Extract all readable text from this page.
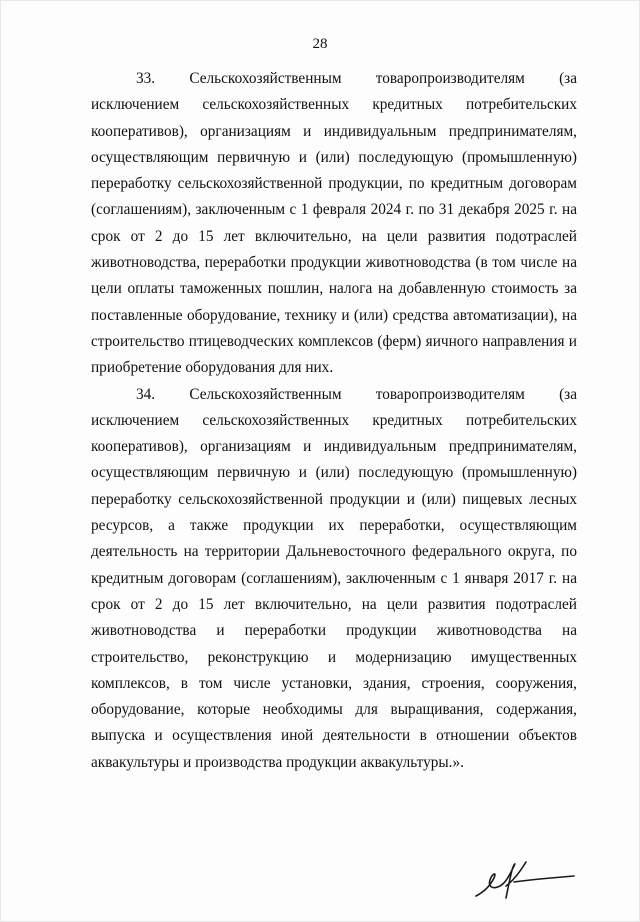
28

33. Сельскохозяйственным товаропроизводителям (за исключением сельскохозяйственных кредитных потребительских кооперативов), организациям и индивидуальным предпринимателям, осуществляющим первичную и (или) последующую (промышленную) переработку сельскохозяйственной продукции, по кредитным договорам (соглашениям), заключенным с 1 февраля 2024 г. по 31 декабря 2025 г. на срок от 2 до 15 лет включительно, на цели развития подотраслей животноводства, переработки продукции животноводства (в том числе на цели оплаты таможенных пошлин, налога на добавленную стоимость за поставленные оборудование, технику и (или) средства автоматизации), на строительство птицеводческих комплексов (ферм) яичного направления и приобретение оборудования для них.

34. Сельскохозяйственным товаропроизводителям (за исключением сельскохозяйственных кредитных потребительских кооперативов), организациям и индивидуальным предпринимателям, осуществляющим первичную и (или) последующую (промышленную) переработку сельскохозяйственной продукции и (или) пищевых лесных ресурсов, а также продукции их переработки, осуществляющим деятельность на территории Дальневосточного федерального округа, по кредитным договорам (соглашениям), заключенным с 1 января 2017 г. на срок от 2 до 15 лет включительно, на цели развития подотраслей животноводства и переработки продукции животноводства на строительство, реконструкцию и модернизацию имущественных комплексов, в том числе установки, здания, строения, сооружения, оборудование, которые необходимы для выращивания, содержания, выпуска и осуществления иной деятельности в отношении объектов аквакультуры и производства продукции аквакультуры.».
